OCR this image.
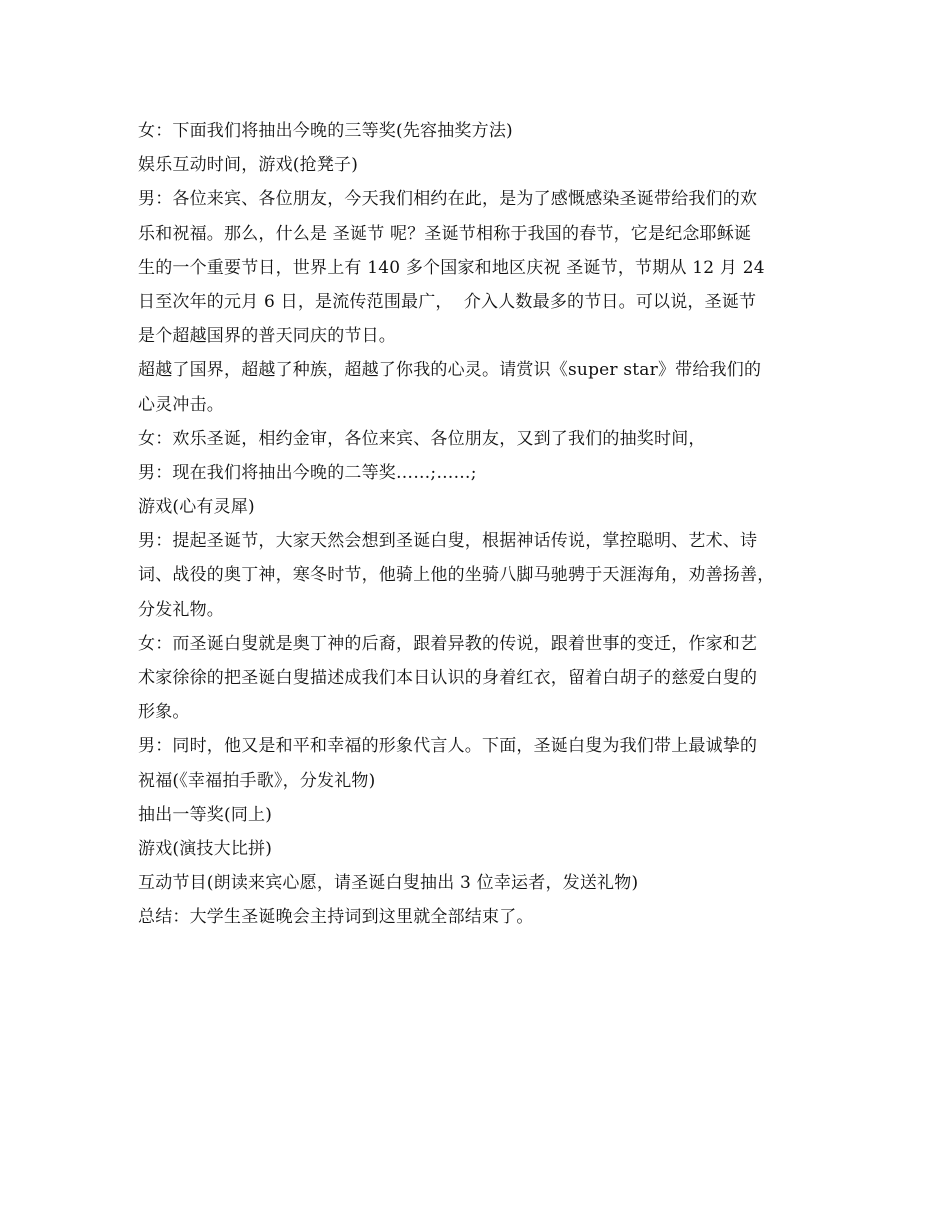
女：下面我们将抽出今晚的三等奖(先容抽奖方法)
娱乐互动时间，游戏(抢凳子)
男：各位来宾、各位朋友，今天我们相约在此，是为了感慨感染圣诞带给我们的欢
乐和祝福。那么，什么是 圣诞节 呢？圣诞节相称于我国的春节，它是纪念耶稣诞
生的一个重要节日，世界上有 140 多个国家和地区庆祝 圣诞节，节期从 12 月 24
日至次年的元月 6 日，是流传范围最广，  介入人数最多的节日。可以说，圣诞节
是个超越国界的普天同庆的节日。
超越了国界，超越了种族，超越了你我的心灵。请赏识《super star》带给我们的
心灵冲击。
女：欢乐圣诞，相约金审，各位来宾、各位朋友，又到了我们的抽奖时间，
男：现在我们将抽出今晚的二等奖……;……;
游戏(心有灵犀)
男：提起圣诞节，大家天然会想到圣诞白叟，根据神话传说，掌控聪明、艺术、诗
词、战役的奥丁神，寒冬时节，他骑上他的坐骑八脚马驰骋于天涯海角，劝善扬善，
分发礼物。
女：而圣诞白叟就是奥丁神的后裔，跟着异教的传说，跟着世事的变迁，作家和艺
术家徐徐的把圣诞白叟描述成我们本日认识的身着红衣，留着白胡子的慈爱白叟的
形象。
男：同时，他又是和平和幸福的形象代言人。下面，圣诞白叟为我们带上最诚挚的
祝福(《幸福拍手歌》，分发礼物)
抽出一等奖(同上)
游戏(演技大比拼)
互动节目(朗读来宾心愿，请圣诞白叟抽出 3 位幸运者，发送礼物)
总结：大学生圣诞晚会主持词到这里就全部结束了。
